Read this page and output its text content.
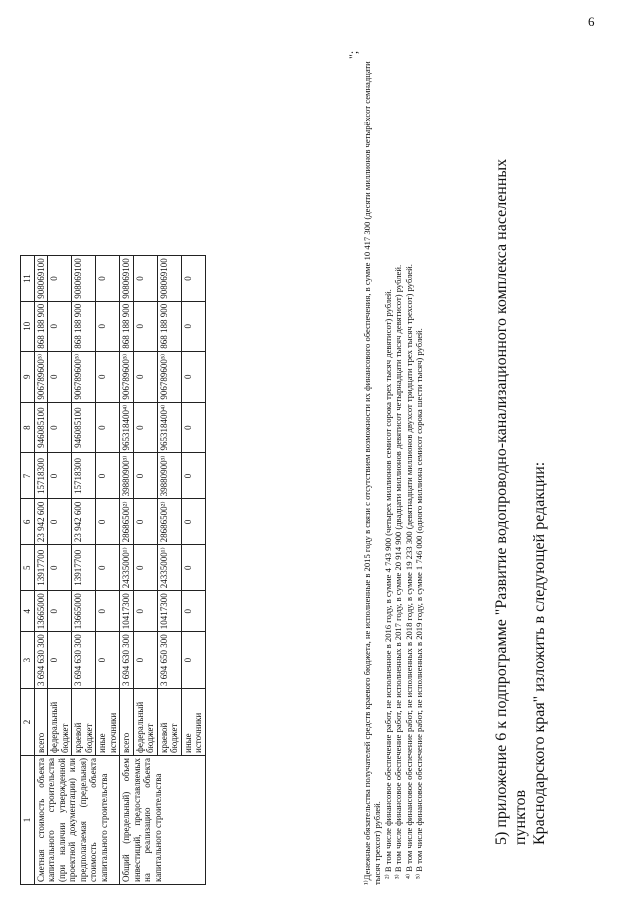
6
1	2	3	4	5	6	7	8	9	10	11
Сметная стоимость объекта капитального строительства (при наличии утвержденной проектной документации) или предполагаемая (предельная) стоимость объекта капитального строительства	всего	3 694 630 300	13665000	13917700	23 942 600	15718300	946085100	906789600⁵⁾	868 188 900	908069100
	федеральный бюджет	0	0	0	0	0	0	0	0	0
	краевой бюджет	3 694 630 300	13665000	13917700	23 942 600	15718300	946085100	906789600⁵⁾	868 188 900	908069100
	иные источники	0	0	0	0	0	0	0	0	0
Общий (предельный) объем инвестиций, предоставляемых на реализацию объекта капитального строительства	всего	3 694 630 300	10417300	24335000¹⁾	28686500²⁾	39880900³⁾	965318400⁴⁾	906789600⁵⁾	868 188 900	908069100
	федеральный бюджет	0	0	0	0	0	0	0	0	0
	краевой бюджет	3 694 650 300	10417300	24335000¹⁾	28686500²⁾	39880900³⁾	965318400⁴⁾	906789600⁵⁾	868 188 900	908069100
	иные источники	0	0	0	0	0	0	0	0	0
";

¹⁾Денежные обязательства получателей средств краевого бюджета, не исполненные в 2015 году в связи с отсутствием возможности их финансового обеспечения, в сумме 10 417 300 (десяти миллионов четырёхсот семнадцати тысяч трехсот) рублей. ²⁾ В том числе финансовое обеспечение работ, не исполненное в 2016 году, в сумме 4 743 900 (четырех миллионов семисот сорока трех тысяч девятисот) рублей. ³⁾ В том числе финансовое обеспечение работ, не исполненных в 2017 году, в сумме 20 914 900 (двадцати миллионов девятисот четырнадцати тысяч девятисот) рублей. ⁴⁾ В том числе финансовое обеспечение работ, не исполненных в 2018 году, в сумме 19 233 300 (девятнадцати миллионов двухсот тридцати трех тысяч трехсот) рублей. ⁵⁾ В том числе финансовое обеспечение работ, не исполненных в 2019 году, в сумме 1 746 000 (одного миллиона семисот сорока шести тысяч) рублей.	5) приложение 6 к подпрограмме "Развитие водопроводно-канализационного комплекса населенных пунктов Краснодарского края" изложить в следующей редакции:
